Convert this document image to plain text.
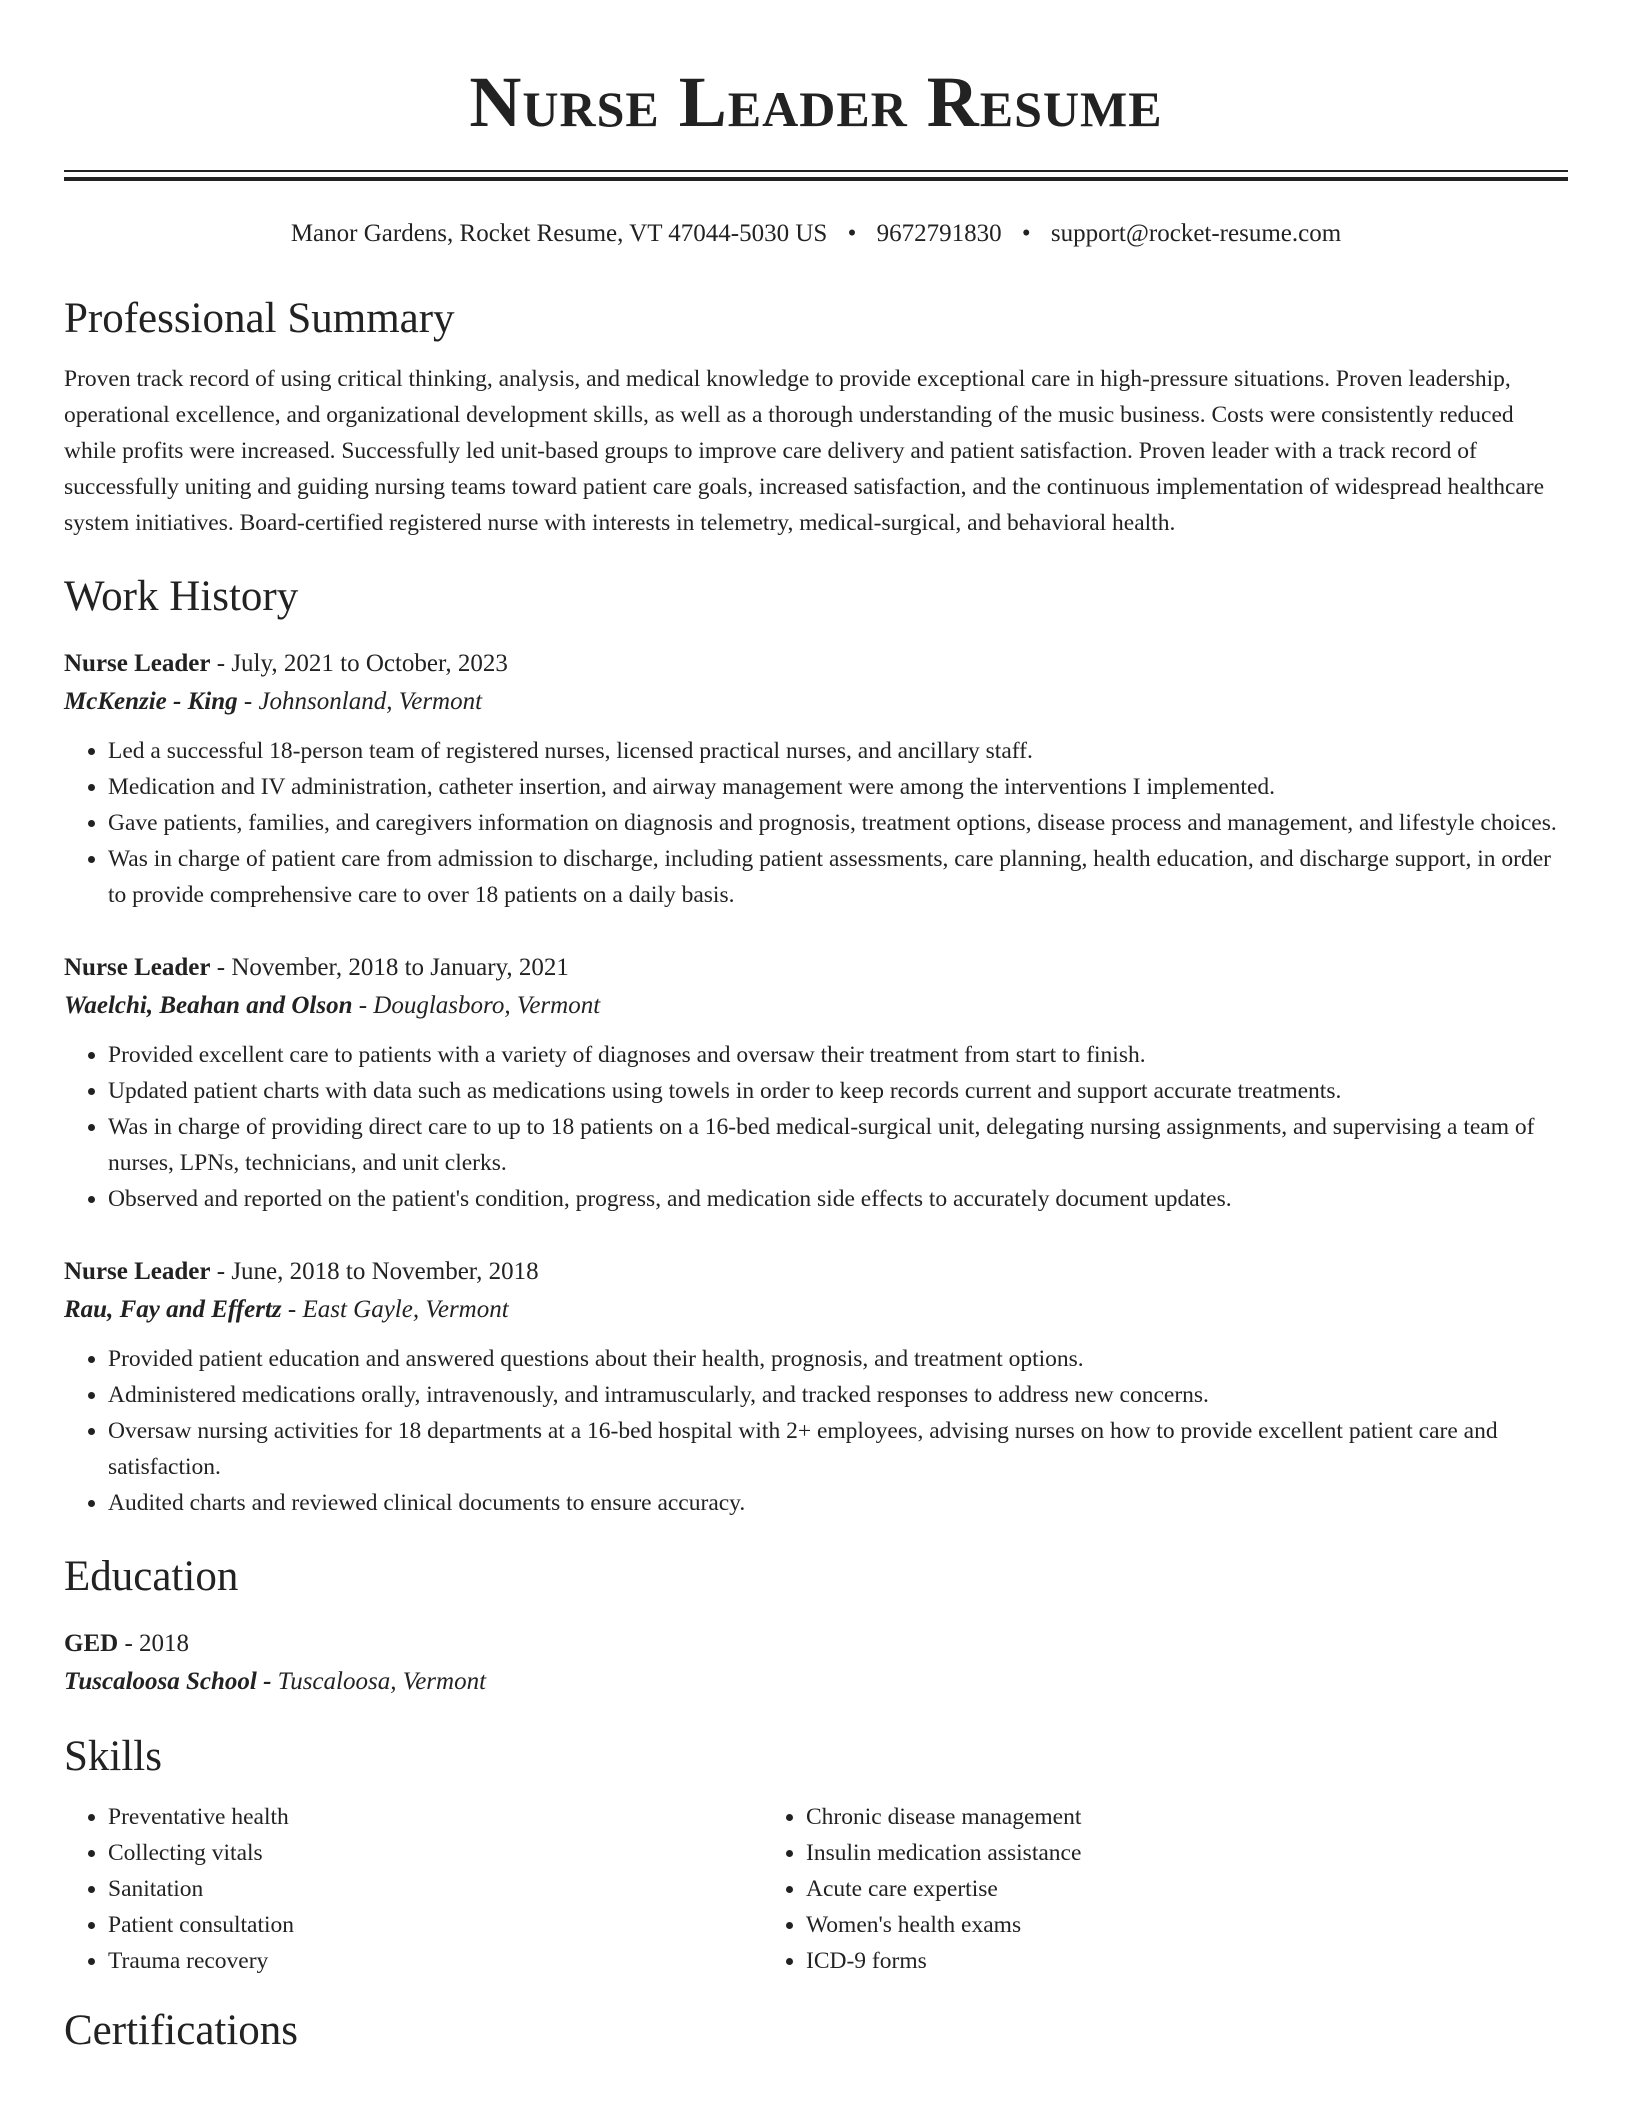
Nurse Leader Resume
Manor Gardens, Rocket Resume, VT 47044-5030 US • 9672791830 • support@rocket-resume.com
Professional Summary
Proven track record of using critical thinking, analysis, and medical knowledge to provide exceptional care in high-pressure situations. Proven leadership, operational excellence, and organizational development skills, as well as a thorough understanding of the music business. Costs were consistently reduced while profits were increased. Successfully led unit-based groups to improve care delivery and patient satisfaction. Proven leader with a track record of successfully uniting and guiding nursing teams toward patient care goals, increased satisfaction, and the continuous implementation of widespread healthcare system initiatives. Board-certified registered nurse with interests in telemetry, medical-surgical, and behavioral health.
Work History
Nurse Leader - July, 2021 to October, 2023
McKenzie - King - Johnsonland, Vermont
• Led a successful 18-person team of registered nurses, licensed practical nurses, and ancillary staff.
• Medication and IV administration, catheter insertion, and airway management were among the interventions I implemented.
• Gave patients, families, and caregivers information on diagnosis and prognosis, treatment options, disease process and management, and lifestyle choices.
• Was in charge of patient care from admission to discharge, including patient assessments, care planning, health education, and discharge support, in order to provide comprehensive care to over 18 patients on a daily basis.
Nurse Leader - November, 2018 to January, 2021
Waelchi, Beahan and Olson - Douglasboro, Vermont
• Provided excellent care to patients with a variety of diagnoses and oversaw their treatment from start to finish.
• Updated patient charts with data such as medications using towels in order to keep records current and support accurate treatments.
• Was in charge of providing direct care to up to 18 patients on a 16-bed medical-surgical unit, delegating nursing assignments, and supervising a team of nurses, LPNs, technicians, and unit clerks.
• Observed and reported on the patient's condition, progress, and medication side effects to accurately document updates.
Nurse Leader - June, 2018 to November, 2018
Rau, Fay and Effertz - East Gayle, Vermont
• Provided patient education and answered questions about their health, prognosis, and treatment options.
• Administered medications orally, intravenously, and intramuscularly, and tracked responses to address new concerns.
• Oversaw nursing activities for 18 departments at a 16-bed hospital with 2+ employees, advising nurses on how to provide excellent patient care and satisfaction.
• Audited charts and reviewed clinical documents to ensure accuracy.
Education
GED - 2018
Tuscaloosa School - Tuscaloosa, Vermont
Skills
• Preventative health
• Collecting vitals
• Sanitation
• Patient consultation
• Trauma recovery
• Chronic disease management
• Insulin medication assistance
• Acute care expertise
• Women's health exams
• ICD-9 forms
Certifications
